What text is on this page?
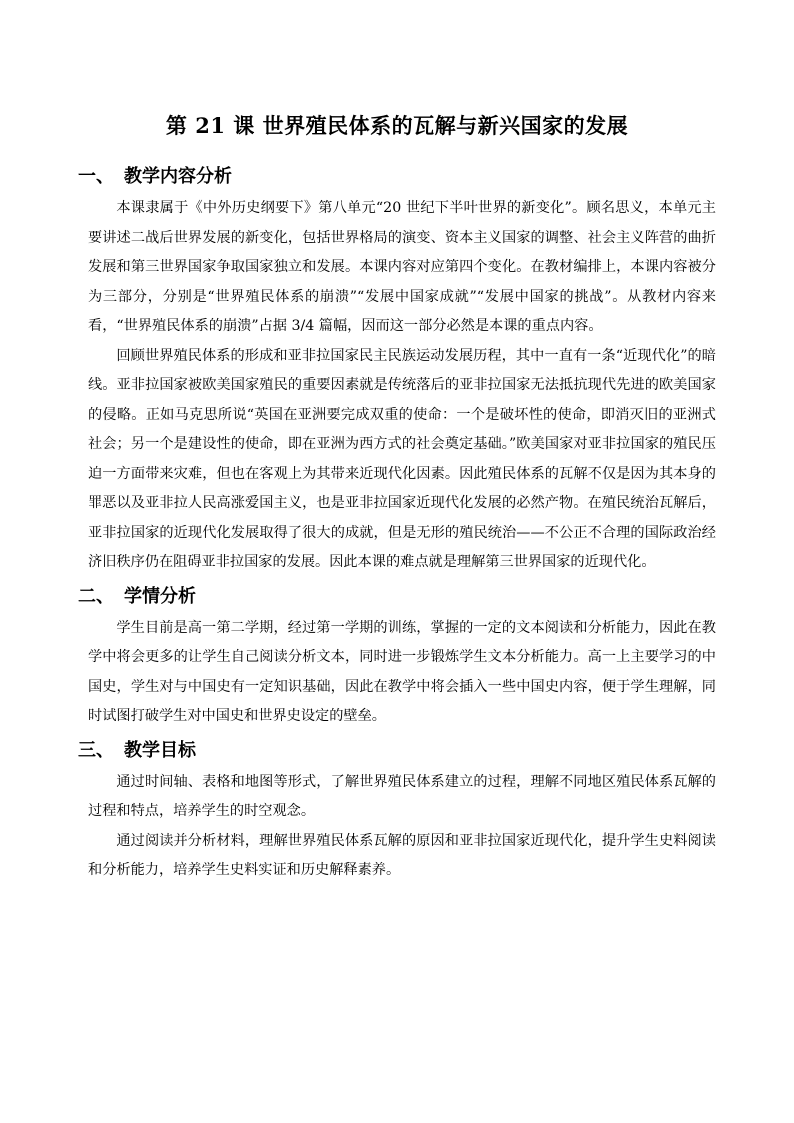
第 21 课 世界殖民体系的瓦解与新兴国家的发展
一、 教学内容分析

本课隶属于《中外历史纲要下》第八单元“20 世纪下半叶世界的新变化”。顾名思义，本单元主要讲述二战后世界发展的新变化，包括世界格局的演变、资本主义国家的调整、社会主义阵营的曲折发展和第三世界国家争取国家独立和发展。本课内容对应第四个变化。在教材编排上，本课内容被分为三部分，分别是“世界殖民体系的崩溃”“发展中国家成就”“发展中国家的挑战”。从教材内容来看，“世界殖民体系的崩溃”占据 3/4 篇幅，因而这一部分必然是本课的重点内容。

回顾世界殖民体系的形成和亚非拉国家民主民族运动发展历程，其中一直有一条“近现代化”的暗线。亚非拉国家被欧美国家殖民的重要因素就是传统落后的亚非拉国家无法抵抗现代先进的欧美国家的侵略。正如马克思所说“英国在亚洲要完成双重的使命：一个是破坏性的使命，即消灭旧的亚洲式社会；另一个是建设性的使命，即在亚洲为西方式的社会奠定基础。”欧美国家对亚非拉国家的殖民压迫一方面带来灾难，但也在客观上为其带来近现代化因素。因此殖民体系的瓦解不仅是因为其本身的罪恶以及亚非拉人民高涨爱国主义，也是亚非拉国家近现代化发展的必然产物。在殖民统治瓦解后，亚非拉国家的近现代化发展取得了很大的成就，但是无形的殖民统治——不公正不合理的国际政治经济旧秩序仍在阻碍亚非拉国家的发展。因此本课的难点就是理解第三世界国家的近现代化。

二、 学情分析

学生目前是高一第二学期，经过第一学期的训练，掌握的一定的文本阅读和分析能力，因此在教学中将会更多的让学生自己阅读分析文本，同时进一步锻炼学生文本分析能力。高一上主要学习的中国史，学生对与中国史有一定知识基础，因此在教学中将会插入一些中国史内容，便于学生理解，同时试图打破学生对中国史和世界史设定的壁垒。

三、 教学目标

通过时间轴、表格和地图等形式，了解世界殖民体系建立的过程，理解不同地区殖民体系瓦解的过程和特点，培养学生的时空观念。

通过阅读并分析材料，理解世界殖民体系瓦解的原因和亚非拉国家近现代化，提升学生史料阅读和分析能力，培养学生史料实证和历史解释素养。
